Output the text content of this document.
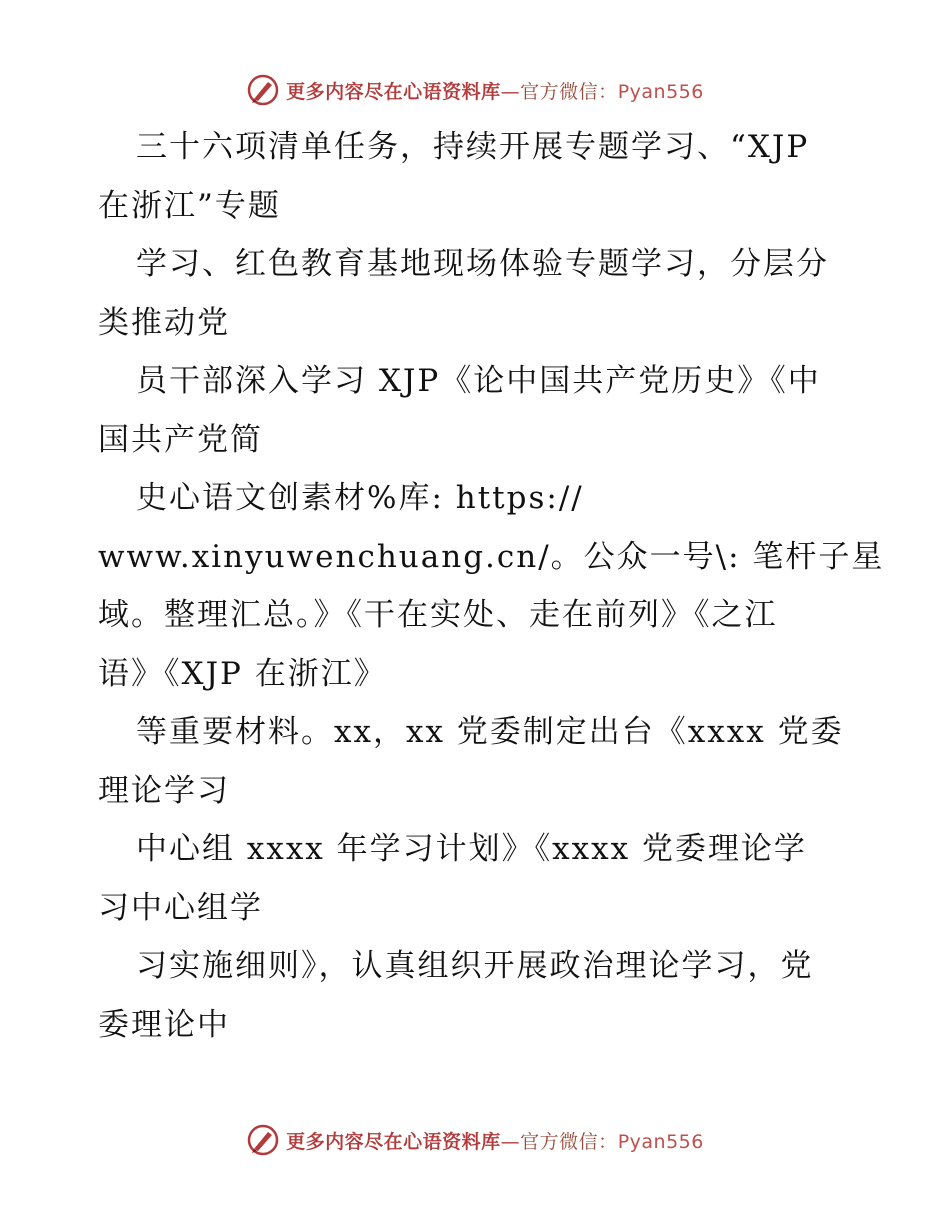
更多内容尽在心语资料库—官方微信：Pyan556
三十六项清单任务，持续开展专题学习、“XJP
在浙江”专题
学习、红色教育基地现场体验专题学习，分层分
类推动党
员干部深入学习 XJP《论中国共产党历史》《中
国共产党简
史心语文创素材%库: https://
www.xinyuwenchuang.cn/。公众一号\: 笔杆子星
域。整理汇总。》《干在实处、走在前列》《之江
语》《XJP 在浙江》
等重要材料。xx，xx 党委制定出台《xxxx 党委
理论学习
中心组 xxxx 年学习计划》《xxxx 党委理论学
习中心组学
习实施细则》，认真组织开展政治理论学习，党
委理论中
更多内容尽在心语资料库—官方微信：Pyan556
